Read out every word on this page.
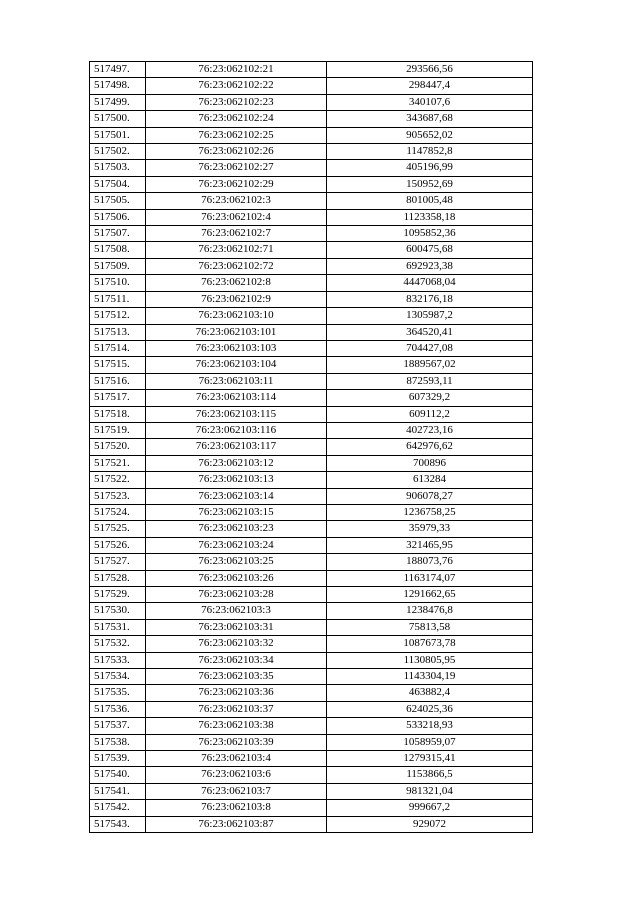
517497.	76:23:062102:21	293566,56
517498.	76:23:062102:22	298447,4
517499.	76:23:062102:23	340107,6
517500.	76:23:062102:24	343687,68
517501.	76:23:062102:25	905652,02
517502.	76:23:062102:26	1147852,8
517503.	76:23:062102:27	405196,99
517504.	76:23:062102:29	150952,69
517505.	76:23:062102:3	801005,48
517506.	76:23:062102:4	1123358,18
517507.	76:23:062102:7	1095852,36
517508.	76:23:062102:71	600475,68
517509.	76:23:062102:72	692923,38
517510.	76:23:062102:8	4447068,04
517511.	76:23:062102:9	832176,18
517512.	76:23:062103:10	1305987,2
517513.	76:23:062103:101	364520,41
517514.	76:23:062103:103	704427,08
517515.	76:23:062103:104	1889567,02
517516.	76:23:062103:11	872593,11
517517.	76:23:062103:114	607329,2
517518.	76:23:062103:115	609112,2
517519.	76:23:062103:116	402723,16
517520.	76:23:062103:117	642976,62
517521.	76:23:062103:12	700896
517522.	76:23:062103:13	613284
517523.	76:23:062103:14	906078,27
517524.	76:23:062103:15	1236758,25
517525.	76:23:062103:23	35979,33
517526.	76:23:062103:24	321465,95
517527.	76:23:062103:25	188073,76
517528.	76:23:062103:26	1163174,07
517529.	76:23:062103:28	1291662,65
517530.	76:23:062103:3	1238476,8
517531.	76:23:062103:31	75813,58
517532.	76:23:062103:32	1087673,78
517533.	76:23:062103:34	1130805,95
517534.	76:23:062103:35	1143304,19
517535.	76:23:062103:36	463882,4
517536.	76:23:062103:37	624025,36
517537.	76:23:062103:38	533218,93
517538.	76:23:062103:39	1058959,07
517539.	76:23:062103:4	1279315,41
517540.	76:23:062103:6	1153866,5
517541.	76:23:062103:7	981321,04
517542.	76:23:062103:8	999667,2
517543.	76:23:062103:87	929072
